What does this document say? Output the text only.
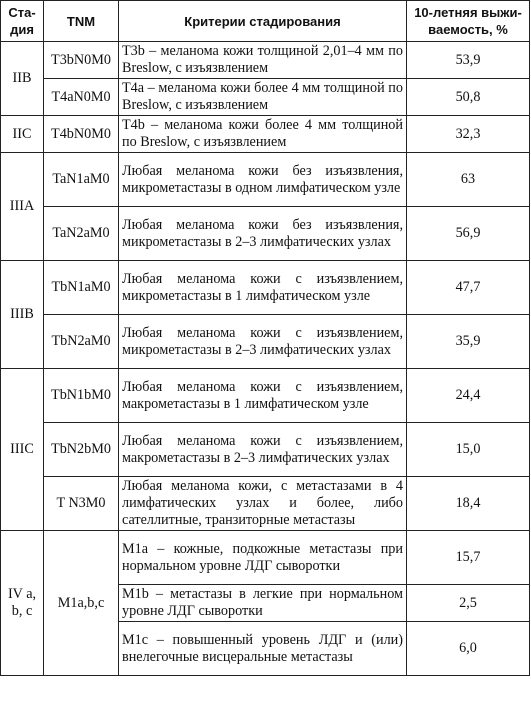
Ста-
дия	TNM	Критерии стадирования	10-летняя выжи-
ваемость, %
IIB	T3bN0M0	T3b – меланома кожи толщиной 2,01–4 мм по Breslow, с изъязвлением	53,9
	T4aN0M0	T4a – меланома кожи более 4 мм толщиной по Breslow, с изъязвлением	50,8
IIC	T4bN0M0	T4b – меланома кожи более 4 мм толщиной по Breslow, с изъязвлением	32,3
IIIA	TaN1aM0	Любая меланома кожи без изъязвления, микрометастазы в одном лимфатическом узле	63
	TaN2aM0	Любая меланома кожи без изъязвления, микрометастазы в 2–3 лимфатических узлах	56,9
IIIB	TbN1aM0	Любая меланома кожи с изъязвлением, микрометастазы в 1 лимфатическом узле	47,7
	TbN2aM0	Любая меланома кожи с изъязвлением, микрометастазы в 2–3 лимфатических узлах	35,9
IIIC	TbN1bM0	Любая меланома кожи с изъязвлением, макрометастазы в 1 лимфатическом узле	24,4
	TbN2bM0	Любая меланома кожи с изъязвлением, макрометастазы в 2–3 лимфатических узлах	15,0
	T N3M0	Любая меланома кожи, с метастазами в 4 лимфатических узлах и более, либо сателлитные, транзиторные метастазы	18,4
IV a, b, c	M1a,b,c	M1a – кожные, подкожные метастазы при нормальном уровне ЛДГ сыворотки	15,7
		M1b – метастазы в легкие при нормальном уровне ЛДГ сыворотки	2,5
		M1c – повышенный уровень ЛДГ и (или) внелегочные висцеральные метастазы	6,0
